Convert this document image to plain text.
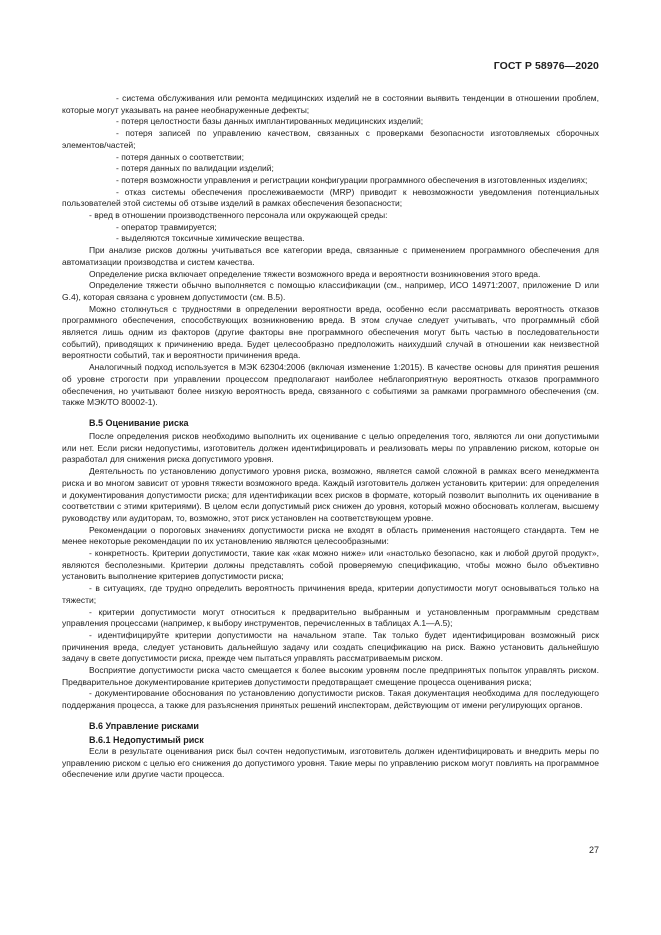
ГОСТ Р 58976—2020

- система обслуживания или ремонта медицинских изделий не в состоянии выявить тенденции в отношении проблем, которые могут указывать на ранее необнаруженные дефекты;

- потеря целостности базы данных имплантированных медицинских изделий;

- потеря записей по управлению качеством, связанных с проверками безопасности изготовляемых сборочных элементов/частей;

- потеря данных о соответствии;

- потеря данных по валидации изделий;

- потеря возможности управления и регистрации конфигурации программного обеспечения в изготовленных изделиях;

- отказ системы обеспечения прослеживаемости (MRP) приводит к невозможности уведомления потенциальных пользователей этой системы об отзыве изделий в рамках обеспечения безопасности;

- вред в отношении производственного персонала или окружающей среды:

- оператор травмируется;

- выделяются токсичные химические вещества.

При анализе рисков должны учитываться все категории вреда, связанные с применением программного обеспечения для автоматизации производства и систем качества.

Определение риска включает определение тяжести возможного вреда и вероятности возникновения этого вреда.

Определение тяжести обычно выполняется с помощью классификации (см., например, ИСО 14971:2007, приложение D или G.4), которая связана с уровнем допустимости (см. В.5).

Можно столкнуться с трудностями в определении вероятности вреда, особенно если рассматривать вероятность отказов программного обеспечения, способствующих возникновению вреда. В этом случае следует учитывать, что программный сбой является лишь одним из факторов (другие факторы вне программного обеспечения могут быть частью в последовательности событий), приводящих к причинению вреда. Будет целесообразно предположить наихудший случай в отношении как неизвестной вероятности событий, так и вероятности причинения вреда.

Аналогичный подход используется в МЭК 62304:2006 (включая изменение 1:2015). В качестве основы для принятия решения об уровне строгости при управлении процессом предполагают наиболее неблагоприятную вероятность отказов программного обеспечения, но учитывают более низкую вероятность вреда, связанного с событиями за рамками программного обеспечения (см. также МЭК/ТО 80002-1).

В.5 Оценивание риска

После определения рисков необходимо выполнить их оценивание с целью определения того, являются ли они допустимыми или нет. Если риски недопустимы, изготовитель должен идентифицировать и реализовать меры по управлению риском, которые он разработал для снижения риска допустимого уровня.

Деятельность по установлению допустимого уровня риска, возможно, является самой сложной в рамках всего менеджмента риска и во многом зависит от уровня тяжести возможного вреда. Каждый изготовитель должен установить критерии: для определения и документирования допустимости риска; для идентификации всех рисков в формате, который позволит выполнить их оценивание в соответствии с этими критериями). В целом если допустимый риск снижен до уровня, который можно обосновать коллегам, высшему руководству или аудиторам, то, возможно, этот риск установлен на соответствующем уровне.

Рекомендации о пороговых значениях допустимости риска не входят в область применения настоящего стандарта. Тем не менее некоторые рекомендации по их установлению являются целесообразными:

- конкретность. Критерии допустимости, такие как «как можно ниже» или «настолько безопасно, как и любой другой продукт», являются бесполезными. Критерии должны представлять собой проверяемую спецификацию, чтобы можно было объективно установить выполнение критериев допустимости риска;

- в ситуациях, где трудно определить вероятность причинения вреда, критерии допустимости могут основываться только на тяжести;

- критерии допустимости могут относиться к предварительно выбранным и установленным программным средствам управления процессами (например, к выбору инструментов, перечисленных в таблицах А.1—А.5);

- идентифицируйте критерии допустимости на начальном этапе. Так только будет идентифицирован возможный риск причинения вреда, следует установить дальнейшую задачу или создать спецификацию на риск. Важно установить дальнейшую задачу в свете допустимости риска, прежде чем пытаться управлять рассматриваемым риском.

Восприятие допустимости риска часто смещается к более высоким уровням после предпринятых попыток управлять риском. Предварительное документирование критериев допустимости предотвращает смещение процесса оценивания риска;

- документирование обоснования по установлению допустимости рисков. Такая документация необходима для последующего поддержания процесса, а также для разъяснения принятых решений инспекторам, действующим от имени регулирующих органов.

В.6 Управление рисками

В.6.1 Недопустимый риск

Если в результате оценивания риск был сочтен недопустимым, изготовитель должен идентифицировать и внедрить меры по управлению риском с целью его снижения до допустимого уровня. Такие меры по управлению риском могут повлиять на программное обеспечение или другие части процесса.

27
